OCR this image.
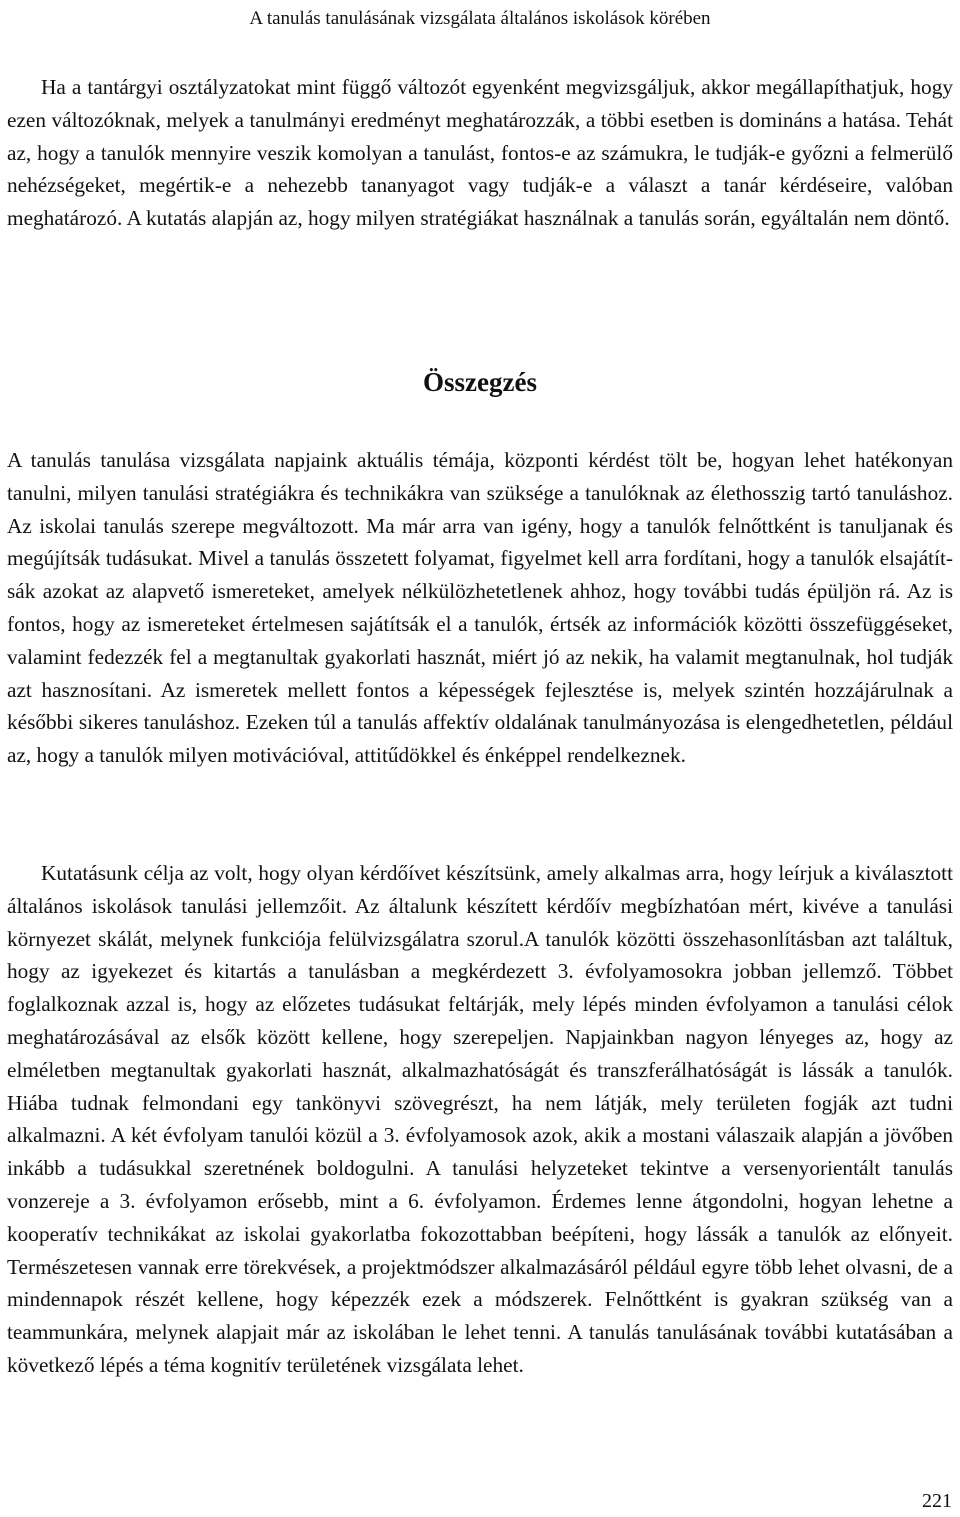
A tanulás tanulásának vizsgálata általános iskolások körében

Ha a tantárgyi osztályzatokat mint függő változót egyenként megvizsgáljuk, akkor megállapíthatjuk, hogy ezen változóknak, melyek a tanulmányi eredményt meghatározzák, a többi esetben is domináns a hatása. Tehát az, hogy a tanulók mennyire veszik komolyan a tanulást, fontos-e az számukra, le tudják-e győzni a felmerülő nehézségeket, megértik-e a nehezebb tananyagot vagy tudják-e a választ a tanár kérdéseire, valóban meghatározó. A kutatás alapján az, hogy milyen stratégiákat használnak a tanulás során, egyáltalán nem döntő.

Összegzés

A tanulás tanulása vizsgálata napjaink aktuális témája, központi kérdést tölt be, hogyan lehet hatékonyan tanulni, milyen tanulási stratégiákra és technikákra van szüksége a tanulóknak az élethosszig tartó tanuláshoz. Az iskolai tanulás szerepe megváltozott. Ma már arra van igény, hogy a tanulók felnőttként is tanuljanak és megújítsák tudásukat. Mivel a tanulás összetett folyamat, figyelmet kell arra fordítani, hogy a tanulók elsajátítsák azokat az alapvető ismereteket, amelyek nélkülözhetetlenek ahhoz, hogy további tudás épüljön rá. Az is fontos, hogy az ismereteket értelmesen sajátítsák el a tanulók, értsék az információk közötti összefüggéseket, valamint fedezzék fel a megtanultak gyakorlati hasznát, miért jó az nekik, ha valamit megtanulnak, hol tudják azt hasznosítani. Az ismeretek mellett fontos a képességek fejlesztése is, melyek szintén hozzájárulnak a későbbi sikeres tanuláshoz. Ezeken túl a tanulás affektív oldalának tanulmányozása is elengedhetetlen, például az, hogy a tanulók milyen motivációval, attitűdökkel és énképpel rendelkeznek.

Kutatásunk célja az volt, hogy olyan kérdőívet készítsünk, amely alkalmas arra, hogy leírjuk a kiválasztott általános iskolások tanulási jellemzőit. Az általunk készített kérdőív megbízhatóan mért, kivéve a tanulási környezet skálát, melynek funkciója felülvizsgálatra szorul.A tanulók közötti összehasonlításban azt találtuk, hogy az igyekezet és kitartás a tanulásban a megkérdezett 3. évfolyamosokra jobban jellemző. Többet foglalkoznak azzal is, hogy az előzetes tudásukat feltárják, mely lépés minden évfolyamon a tanulási célok meghatározásával az elsők között kellene, hogy szerepeljen. Napjainkban nagyon lényeges az, hogy az elméletben megtanultak gyakorlati hasznát, alkalmazhatóságát és transzferálhatóságát is lássák a tanulók. Hiába tudnak felmondani egy tankönyvi szövegrészt, ha nem látják, mely területen fogják azt tudni alkalmazni. A két évfolyam tanulói közül a 3. évfolyamosok azok, akik a mostani válaszaik alapján a jövőben inkább a tudásukkal szeretnének boldogulni. A tanulási helyzeteket tekintve a versenyorientált tanulás vonzereje a 3. évfolyamon erősebb, mint a 6. évfolyamon. Érdemes lenne átgondolni, hogyan lehetne a kooperatív technikákat az iskolai gyakorlatba fokozottabban beépíteni, hogy lássák a tanulók az előnyeit. Természetesen vannak erre törekvések, a projektmódszer alkalmazásáról például egyre több lehet olvasni, de a mindennapok részét kellene, hogy képezzék ezek a módszerek. Felnőttként is gyakran szükség van a teammunkára, melynek alapjait már az iskolában le lehet tenni. A tanulás tanulásának további kutatásában a következő lépés a téma kognitív területének vizsgálata lehet.

221
